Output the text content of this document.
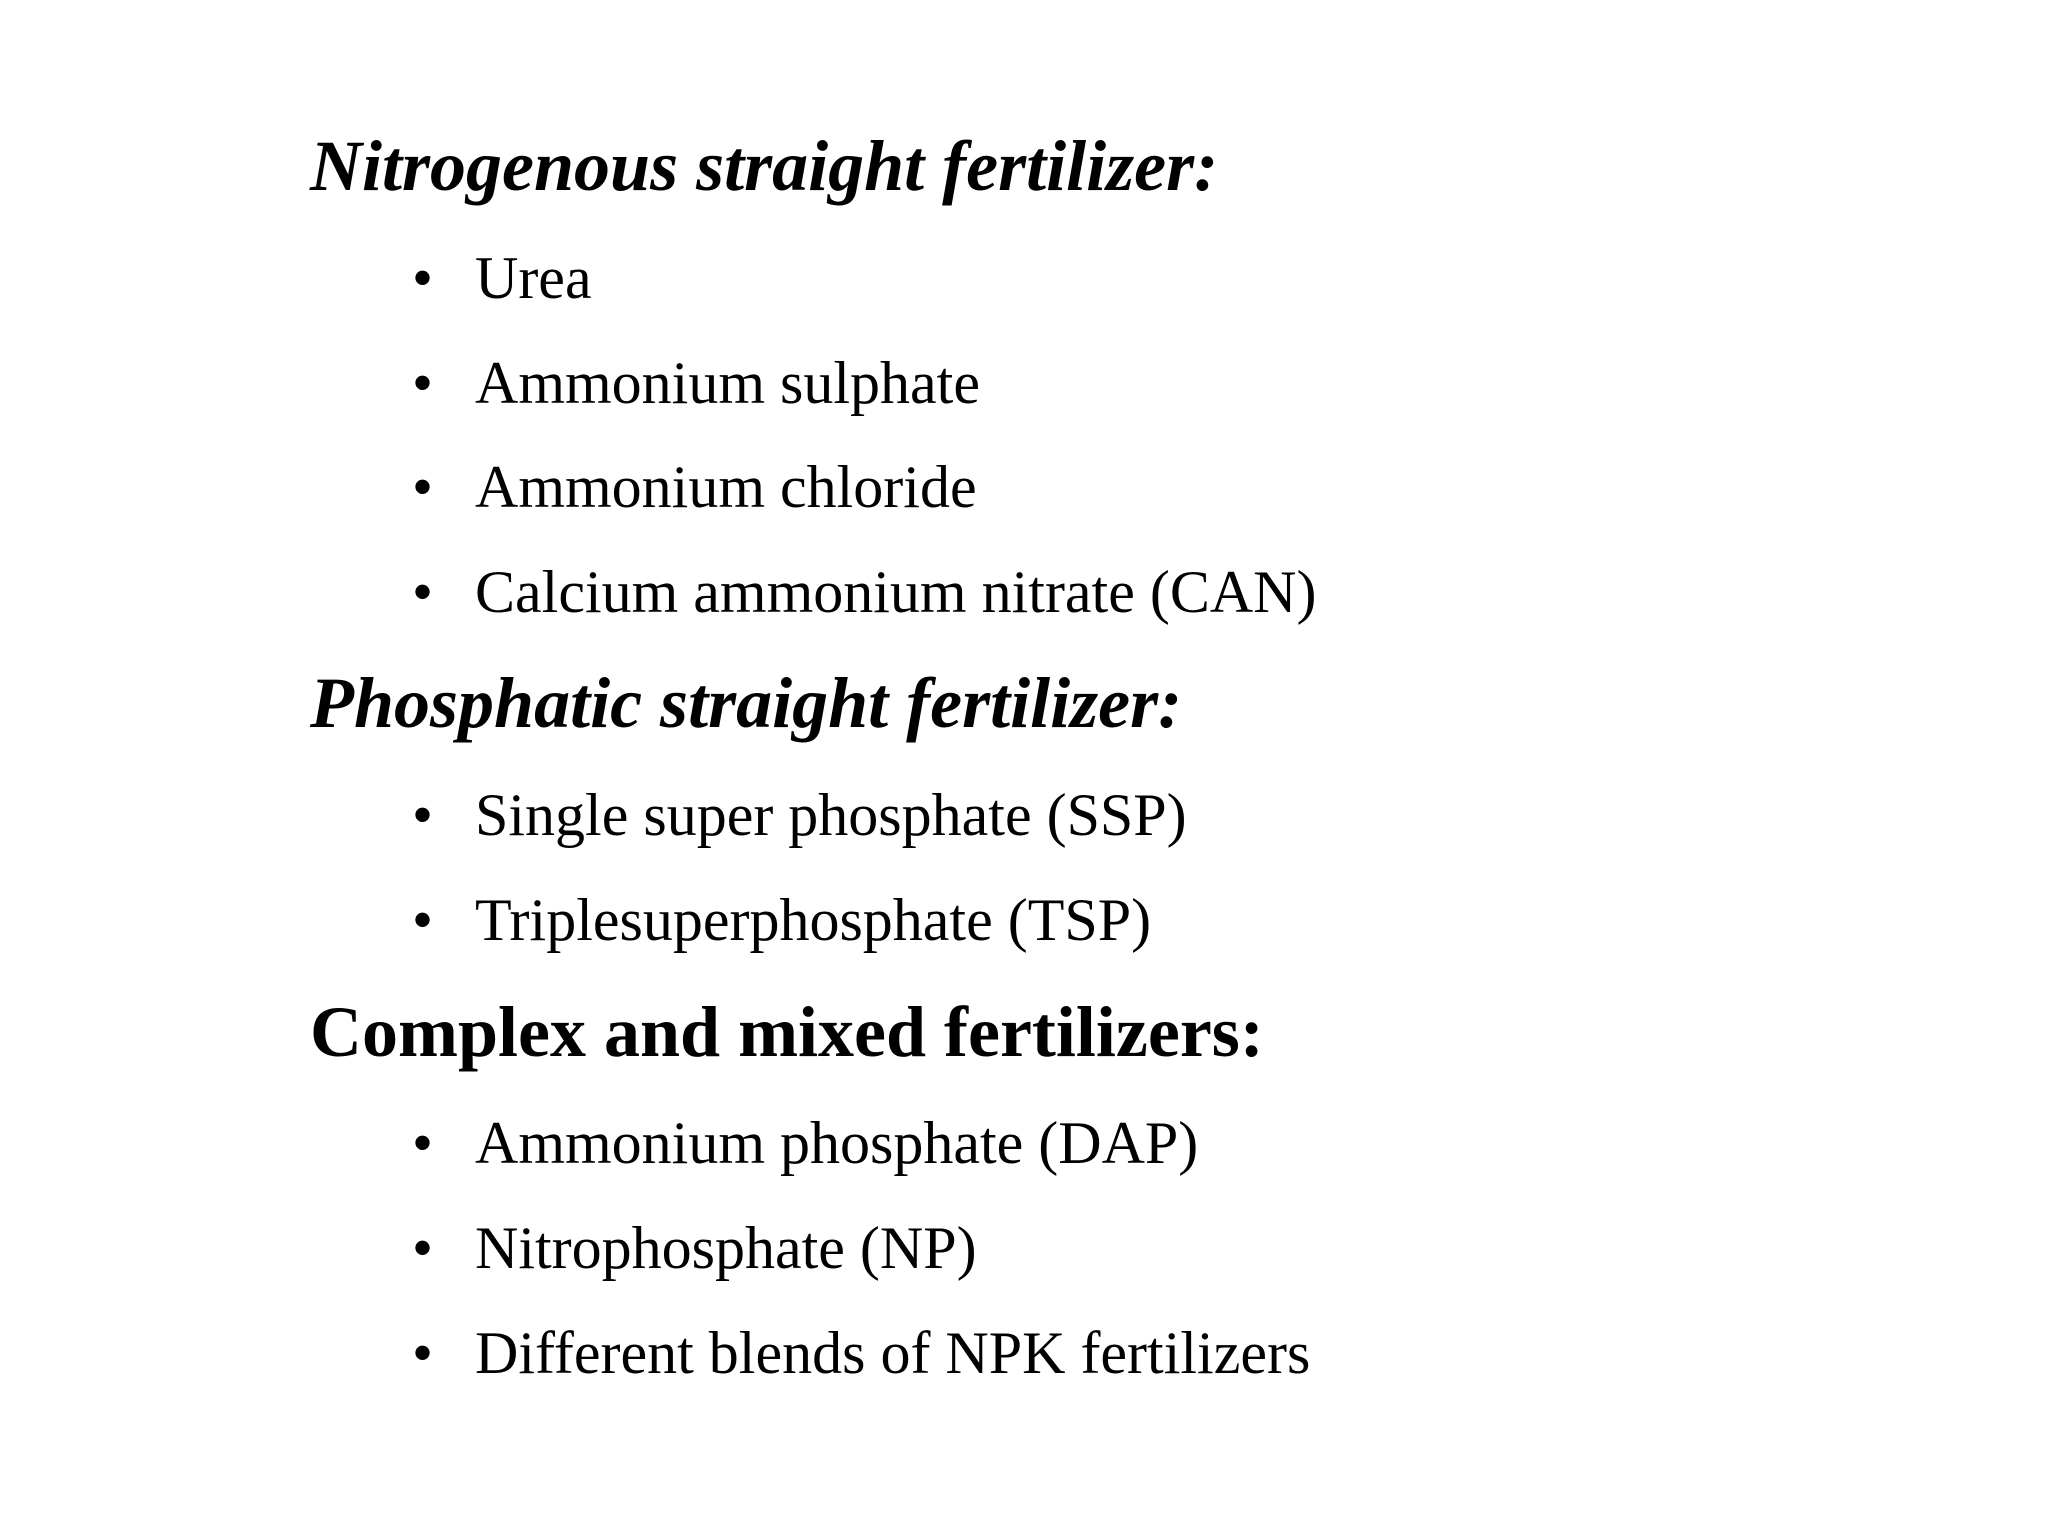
Nitrogenous straight fertilizer:
• Urea
• Ammonium sulphate
• Ammonium chloride
• Calcium ammonium nitrate (CAN)
Phosphatic straight fertilizer:
• Single super phosphate (SSP)
• Triplesuperphosphate (TSP)
Complex and mixed fertilizers:
• Ammonium phosphate (DAP)
• Nitrophosphate (NP)
• Different blends of NPK fertilizers
